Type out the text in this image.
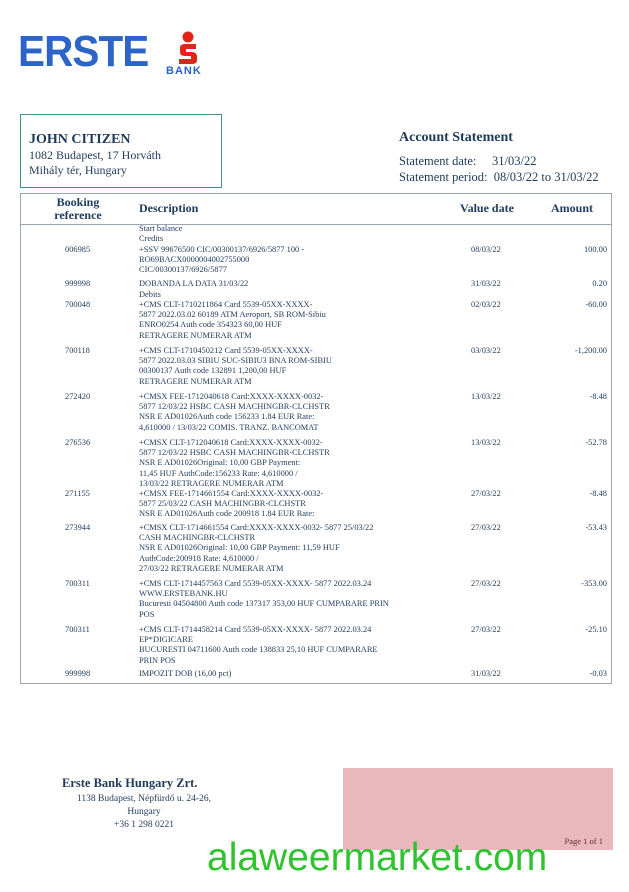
ERSTE BANK
JOHN CITIZEN
1082 Budapest, 17 Horváth
Mihály tér, Hungary
Account Statement
Statement date: 31/03/22
Statement period: 08/03/22 to 31/03/22
Booking
reference	Description	Value date	Amount
Start balance
Credits
006985	+SSV 99676500 CIC/00300137/6926/5877 100 -
RO69BACX0000004002755000
CIC/00300137/6926/5877
08/03/22	100.00
999998	DOBANDA LA DATA 31/03/22	31/03/22	0.20
Debits
700048	+CMS CLT-1710211864 Card 5539-05XX-XXXX-
5877 2022.03.02 60189 ATM Aeroport, SB ROM-Sibiu
ENRO0254 Auth code 354323 60,00 HUF
RETRAGERE NUMERAR ATM
02/03/22	-60.00
700118	+CMS CLT-1710450212 Card 5539-05XX-XXXX-
5877 2022.03.03 SIBIU SUC-SIBIU3 BNA ROM-SIBIU
00300137 Auth code 132891 1,200,00 HUF
RETRAGERE NUMERAR ATM
03/03/22	-1,200.00
272420	+CMSX FEE-1712040618 Card:XXXX-XXXX-0032-
5877 12/03/22 HSBC CASH MACHINGBR-CLCHSTR
NSR E AD01026Auth code 156233 1.84 EUR Rate:
4,610000 / 13/03/22 COMIS. TRANZ. BANCOMAT
13/03/22	-8.48
276536	+CMSX CLT-1712040618 Card:XXXX-XXXX-0032-
5877 12/03/22 HSBC CASH MACHINGBR-CLCHSTR
NSR E AD01026Original: 10,00 GBP Payment:
11,45 HUF AuthCode:156233 Rate: 4,610000 /
13/03/22 RETRAGERE NUMERAR ATM
13/03/22	-52.78
271155	+CMSX FEE-1714661554 Card:XXXX-XXXX-0032-
5877 25/03/22 CASH MACHINGBR-CLCHSTR
NSR E AD01026Auth code 200918 1.84 EUR Rate:
27/03/22	-8.48
273944	+CMSX CLT-1714661554 Card:XXXX-XXXX-0032- 5877 25/03/22
CASH MACHINGBR-CLCHSTR
NSR E AD01026Original: 10,00 GBP Payment: 11,59 HUF
AuthCode:200918 Rate: 4,610000 /
27/03/22 RETRAGERE NUMERAR ATM
27/03/22	-53.43
700311	+CMS CLT-1714457563 Card 5539-05XX-XXXX- 5877 2022.03.24
WWW.ERSTEBANK.HU
Bucuresti 04504800 Auth code 137317 353,00 HUF CUMPARARE PRIN
POS
27/03/22	-353.00
700311	+CMS CLT-1714458214 Card 5539-05XX-XXXX- 5877 2022.03.24
EP*DIGICARE
BUCURESTI 04711600 Auth code 138833 25,10 HUF CUMPARARE
PRIN POS
27/03/22	-25.10
999998	IMPOZIT DOB (16,00 pct)	31/03/22	-0.03
Erste Bank Hungary Zrt.
1138 Budapest, Népfürdő u. 24-26,
Hungary
+36 1 298 0221
Page 1 of 1
alaweermarket.com
